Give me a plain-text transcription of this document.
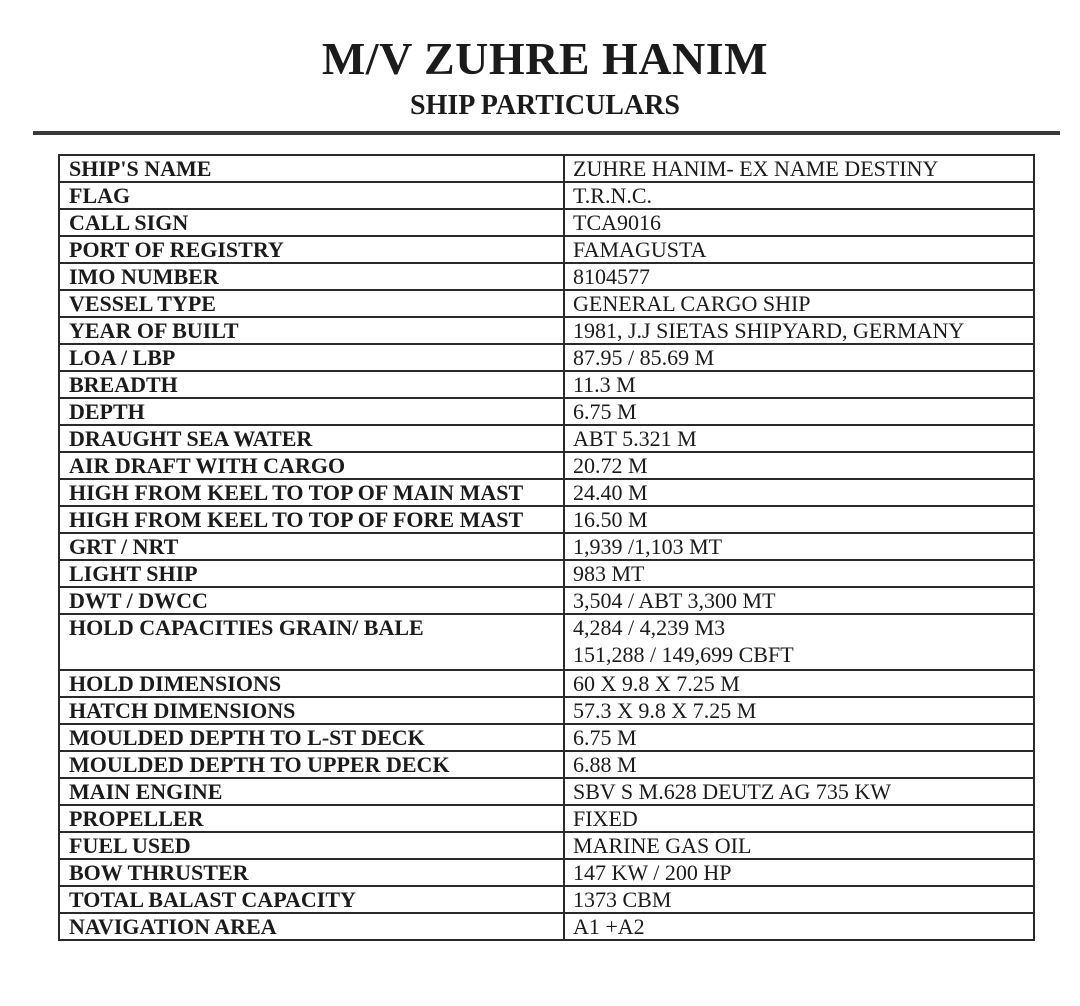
M/V ZUHRE HANIM
SHIP PARTICULARS
SHIP'S NAME	ZUHRE HANIM- EX NAME DESTINY
FLAG	T.R.N.C.
CALL SIGN	TCA9016
PORT OF REGISTRY	FAMAGUSTA
IMO NUMBER	8104577
VESSEL TYPE	GENERAL CARGO SHIP
YEAR OF BUILT	1981, J.J SIETAS SHIPYARD, GERMANY
LOA / LBP	87.95 / 85.69 M
BREADTH	11.3 M
DEPTH	6.75 M
DRAUGHT SEA WATER	ABT 5.321 M
AIR DRAFT WITH CARGO	20.72 M
HIGH FROM KEEL TO TOP OF MAIN MAST	24.40 M
HIGH FROM KEEL TO TOP OF FORE MAST	16.50 M
GRT / NRT	1,939 /1,103 MT
LIGHT SHIP	983 MT
DWT / DWCC	3,504 / ABT 3,300 MT
HOLD CAPACITIES GRAIN/ BALE	4,284 / 4,239 M3
151,288 / 149,699 CBFT

HOLD DIMENSIONS	60 X 9.8 X 7.25 M
HATCH DIMENSIONS	57.3 X 9.8 X 7.25 M
MOULDED DEPTH TO L-ST DECK	6.75 M
MOULDED DEPTH TO UPPER DECK	6.88 M
MAIN ENGINE	SBV S M.628 DEUTZ AG 735 KW
PROPELLER	FIXED
FUEL USED	MARINE GAS OIL
BOW THRUSTER	147 KW / 200 HP
TOTAL BALAST CAPACITY	1373 CBM
NAVIGATION AREA	A1 +A2
